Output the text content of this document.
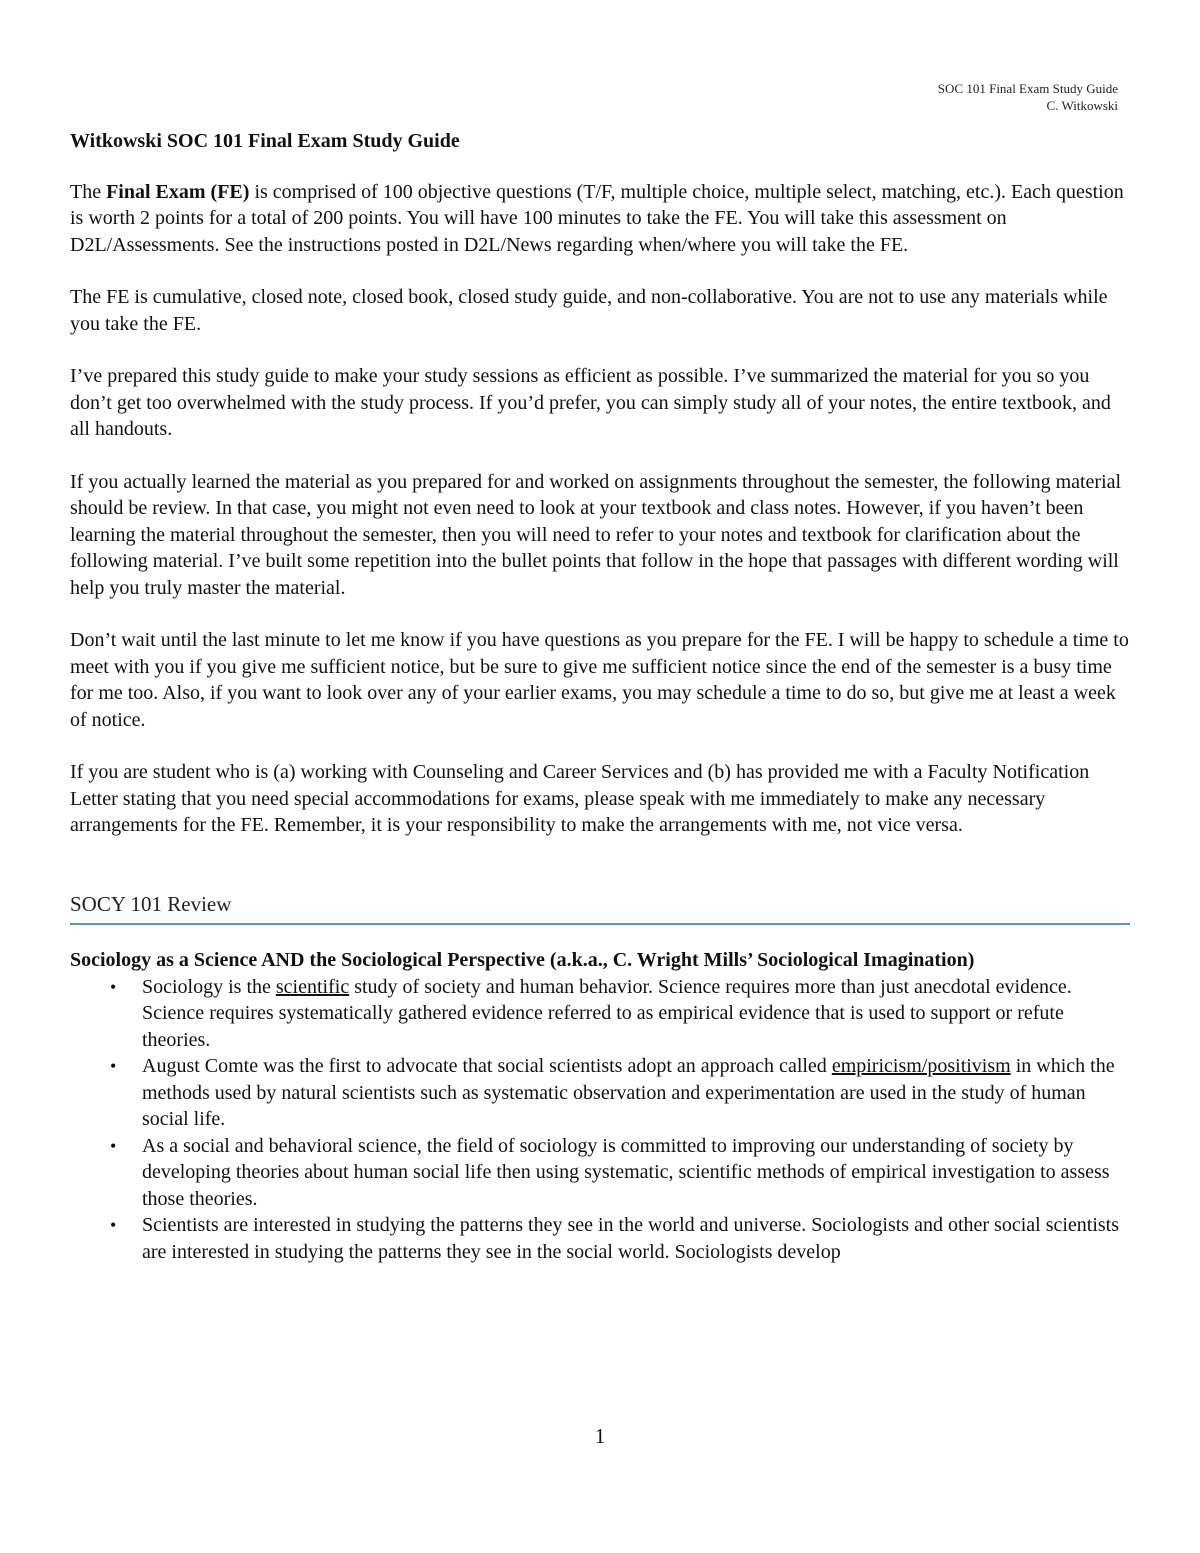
SOC 101 Final Exam Study Guide
C. Witkowski
Witkowski SOC 101 Final Exam Study Guide

The Final Exam (FE) is comprised of 100 objective questions (T/F, multiple choice, multiple select, matching, etc.). Each question is worth 2 points for a total of 200 points. You will have 100 minutes to take the FE. You will take this assessment on D2L/Assessments. See the instructions posted in D2L/News regarding when/where you will take the FE.

The FE is cumulative, closed note, closed book, closed study guide, and non-collaborative. You are not to use any materials while you take the FE.

I’ve prepared this study guide to make your study sessions as efficient as possible. I’ve summarized the material for you so you don’t get too overwhelmed with the study process. If you’d prefer, you can simply study all of your notes, the entire textbook, and all handouts.

If you actually learned the material as you prepared for and worked on assignments throughout the semester, the following material should be review. In that case, you might not even need to look at your textbook and class notes. However, if you haven’t been learning the material throughout the semester, then you will need to refer to your notes and textbook for clarification about the following material. I’ve built some repetition into the bullet points that follow in the hope that passages with different wording will help you truly master the material.

Don’t wait until the last minute to let me know if you have questions as you prepare for the FE. I will be happy to schedule a time to meet with you if you give me sufficient notice, but be sure to give me sufficient notice since the end of the semester is a busy time for me too. Also, if you want to look over any of your earlier exams, you may schedule a time to do so, but give me at least a week of notice.

If you are student who is (a) working with Counseling and Career Services and (b) has provided me with a Faculty Notification Letter stating that you need special accommodations for exams, please speak with me immediately to make any necessary arrangements for the FE. Remember, it is your responsibility to make the arrangements with me, not vice versa.

SOCY 101 Review
Sociology as a Science AND the Sociological Perspective (a.k.a., C. Wright Mills’ Sociological Imagination)
• Sociology is the scientific study of society and human behavior. Science requires more than just anecdotal evidence. Science requires systematically gathered evidence referred to as empirical evidence that is used to support or refute theories.
• August Comte was the first to advocate that social scientists adopt an approach called empiricism/positivism in which the methods used by natural scientists such as systematic observation and experimentation are used in the study of human social life.
• As a social and behavioral science, the field of sociology is committed to improving our understanding of society by developing theories about human social life then using systematic, scientific methods of empirical investigation to assess those theories.
• Scientists are interested in studying the patterns they see in the world and universe. Sociologists and other social scientists are interested in studying the patterns they see in the social world. Sociologists develop
1
